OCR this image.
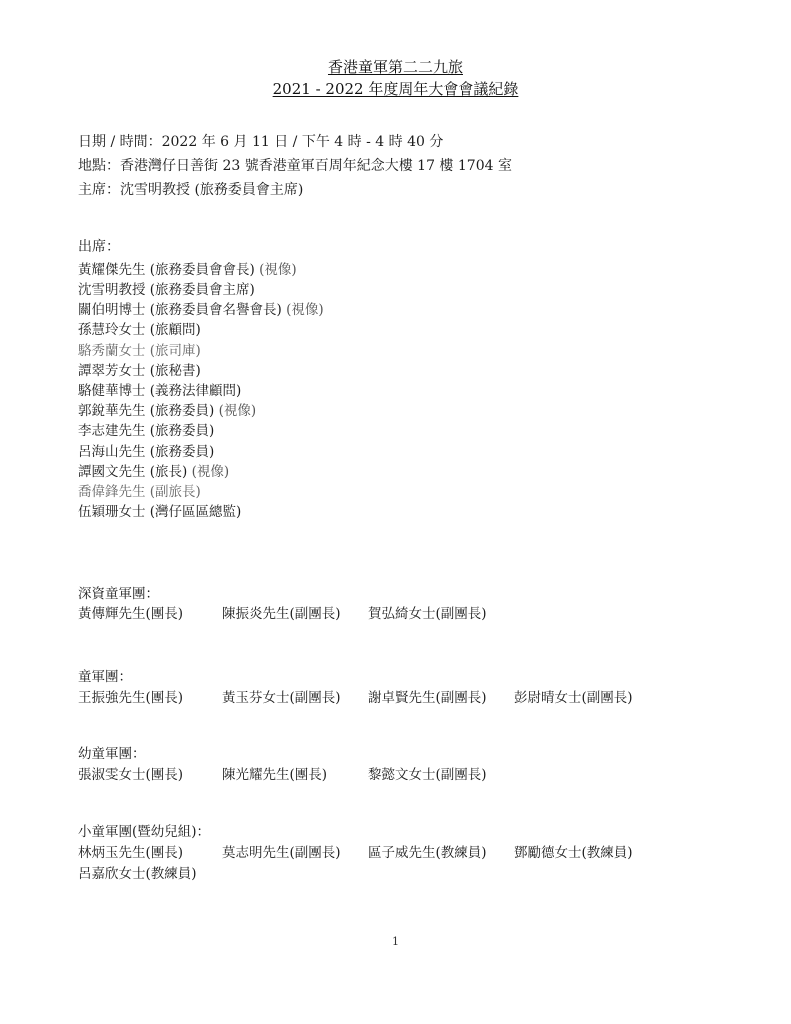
香港童軍第二二九旅
2021 - 2022 年度周年大會會議紀錄
日期 / 時間：2022 年 6 月 11 日 / 下午 4 時 - 4 時 40 分
地點：香港灣仔日善街 23 號香港童軍百周年紀念大樓 17 樓 1704 室
主席：沈雪明教授 (旅務委員會主席)
出席：
黃耀傑先生 (旅務委員會會長) (視像)
沈雪明教授 (旅務委員會主席)
關伯明博士 (旅務委員會名譽會長) (視像)
孫慧玲女士 (旅顧問)
駱秀蘭女士 (旅司庫)
譚翠芳女士 (旅秘書)
駱健華博士 (義務法律顧問)
郭銳華先生 (旅務委員) (視像)
李志建先生 (旅務委員)
呂海山先生 (旅務委員)
譚國文先生 (旅長) (視像)
喬偉鋒先生 (副旅長)
伍穎珊女士 (灣仔區區總監)
深資童軍團：
黃傳輝先生(團長)	陳振炎先生(副團長) 賀弘綺女士(副團長)
童軍團：
王振強先生(團長)	黃玉芬女士(副團長) 謝卓賢先生(副團長) 彭尉晴女士(副團長)
幼童軍團：
張淑雯女士(團長)	陳光耀先生(團長)	黎懿文女士(副團長)
小童軍團(暨幼兒組)：
林炳玉先生(團長)	莫志明先生(副團長) 區子威先生(教練員) 鄧勵德女士(教練員)
呂嘉欣女士(教練員)
1
